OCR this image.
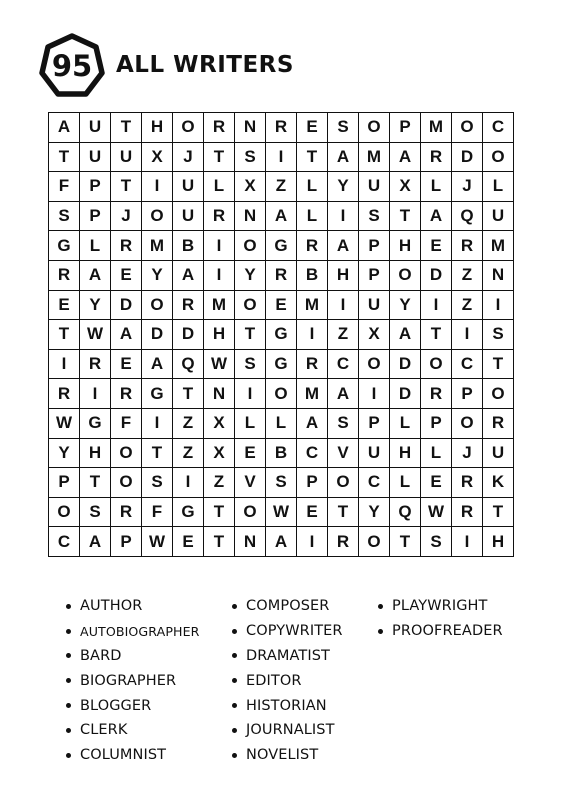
95	ALL WRITERS
A	U	T	H	O	R	N	R	E	S	O	P	M	O	C
T	U	U	X	J	T	S	I	T	A	M	A	R	D	O
F	P	T	I	U	L	X	Z	L	Y	U	X	L	J	L
S	P	J	O	U	R	N	A	L	I	S	T	A	Q	U
G	L	R	M	B	I	O	G	R	A	P	H	E	R	M
R	A	E	Y	A	I	Y	R	B	H	P	O	D	Z	N
E	Y	D	O	R	M	O	E	M	I	U	Y	I	Z	I
T	W	A	D	D	H	T	G	I	Z	X	A	T	I	S
I	R	E	A	Q	W	S	G	R	C	O	D	O	C	T
R	I	R	G	T	N	I	O	M	A	I	D	R	P	O
W	G	F	I	Z	X	L	L	A	S	P	L	P	O	R
Y	H	O	T	Z	X	E	B	C	V	U	H	L	J	U
P	T	O	S	I	Z	V	S	P	O	C	L	E	R	K
O	S	R	F	G	T	O	W	E	T	Y	Q	W	R	T
C	A	P	W	E	T	N	A	I	R	O	T	S	I	H
AUTHOR
AUTOBIOGRAPHER
BARD
BIOGRAPHER
BLOGGER
CLERK
COLUMNIST
COMPOSER
COPYWRITER
DRAMATIST
EDITOR
HISTORIAN
JOURNALIST
NOVELIST
PLAYWRIGHT
PROOFREADER
